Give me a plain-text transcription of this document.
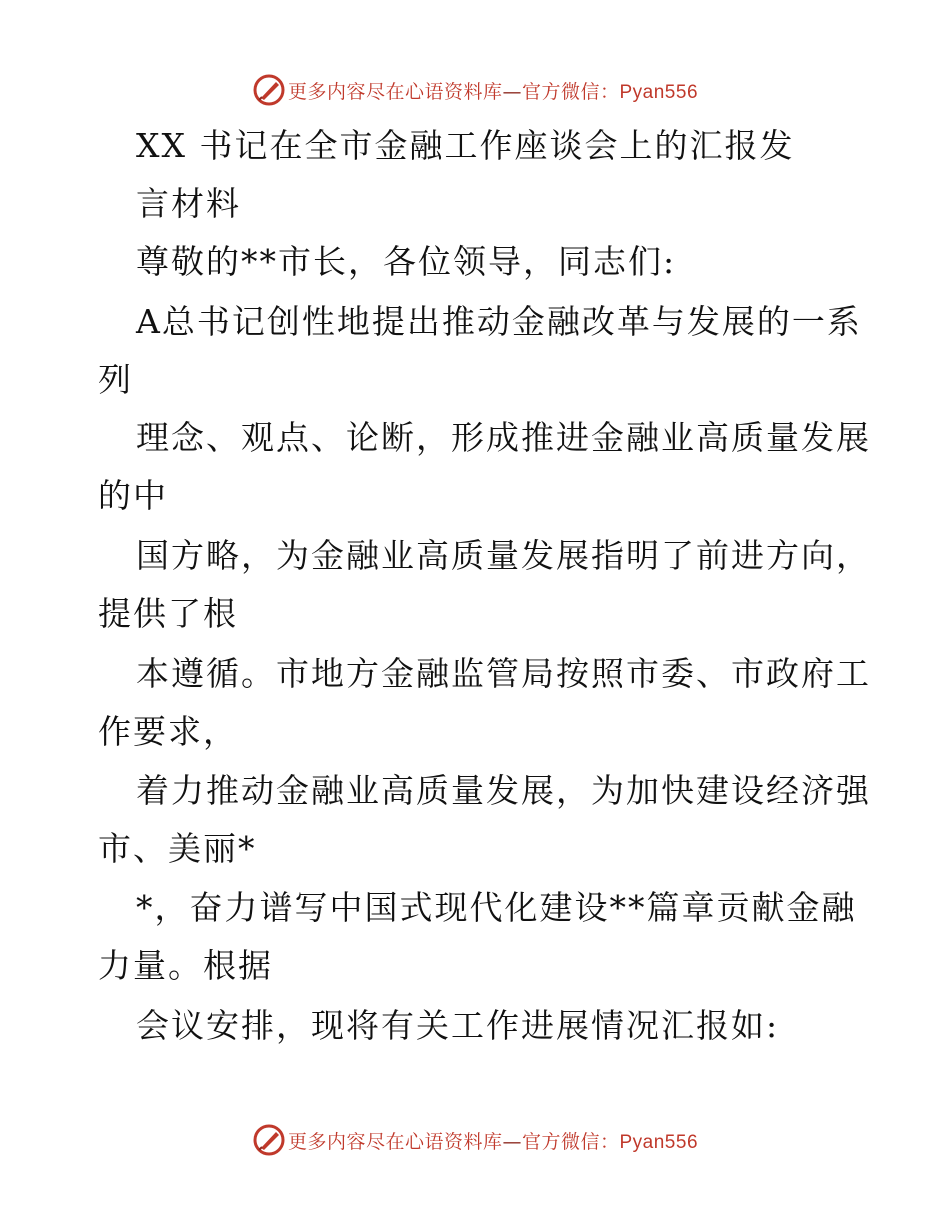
更多内容尽在心语资料库—官方微信：Pyan556
XX 书记在全市金融工作座谈会上的汇报发
言材料
尊敬的**市长，各位领导，同志们:
A总书记创性地提出推动金融改革与发展的一系
列
理念、观点、论断，形成推进金融业高质量发展
的中
国方略，为金融业高质量发展指明了前进方向，
提供了根
本遵循。市地方金融监管局按照市委、市政府工
作要求，
着力推动金融业高质量发展，为加快建设经济强
市、美丽*
*，奋力谱写中国式现代化建设**篇章贡献金融
力量。根据
会议安排，现将有关工作进展情况汇报如:
更多内容尽在心语资料库—官方微信：Pyan556
